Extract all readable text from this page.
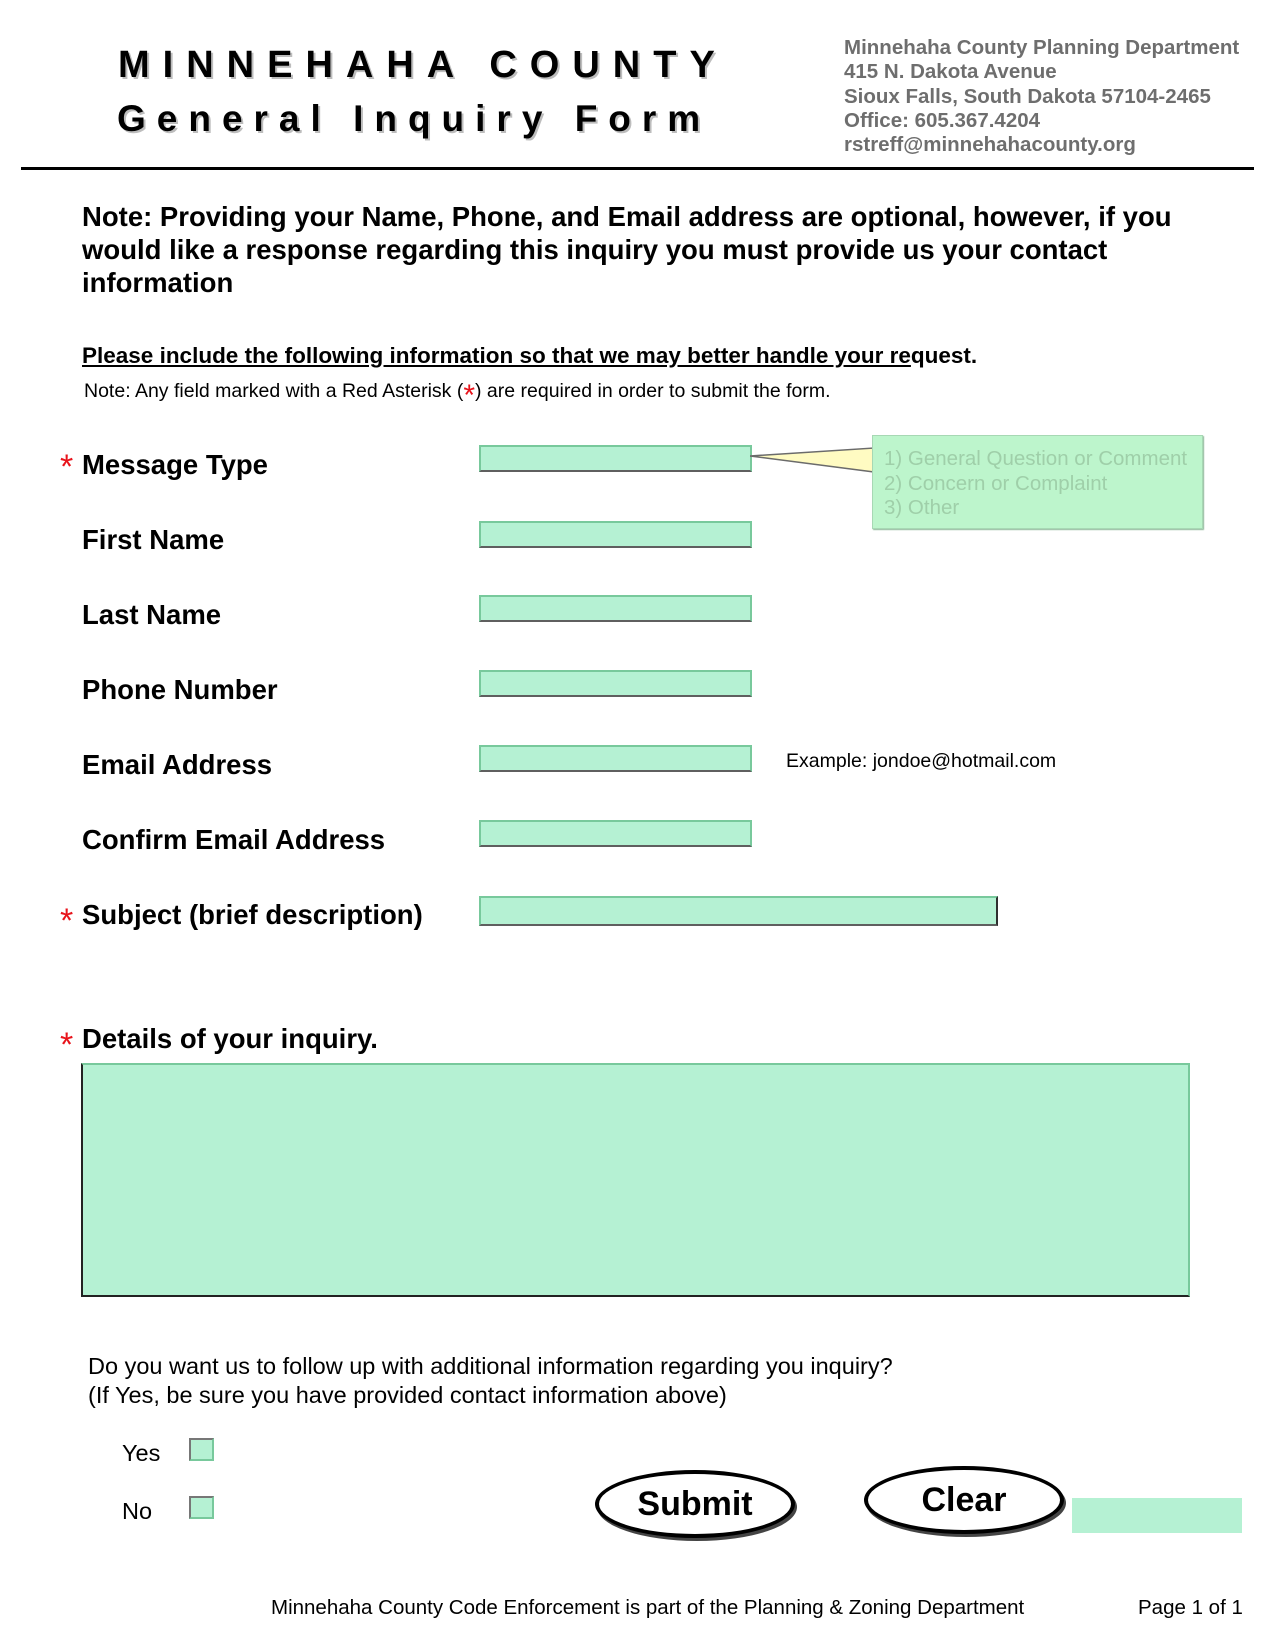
MINNEHAHA COUNTY
General Inquiry Form
Minnehaha County Planning Department
415 N. Dakota Avenue
Sioux Falls, South Dakota 57104-2465
Office: 605.367.4204
rstreff@minnehahacounty.org
Note: Providing your Name, Phone, and Email address are optional, however, if you would like a response regarding this inquiry you must provide us your contact information
Please include the following information so that we may better handle your request.
Note: Any field marked with a Red Asterisk (*) are required in order to submit the form.
* Message Type	1) General Question or Comment
2) Concern or Complaint
3) Other
First Name
Last Name
Phone Number
Email Address	Example: jondoe@hotmail.com
Confirm Email Address
* Subject (brief description)
* Details of your inquiry.
Do you want us to follow up with additional information regarding you inquiry?
(If Yes, be sure you have provided contact information above)
Yes
No	Submit	Clear
Minnehaha County Code Enforcement is part of the Planning & Zoning Department	Page 1 of 1
